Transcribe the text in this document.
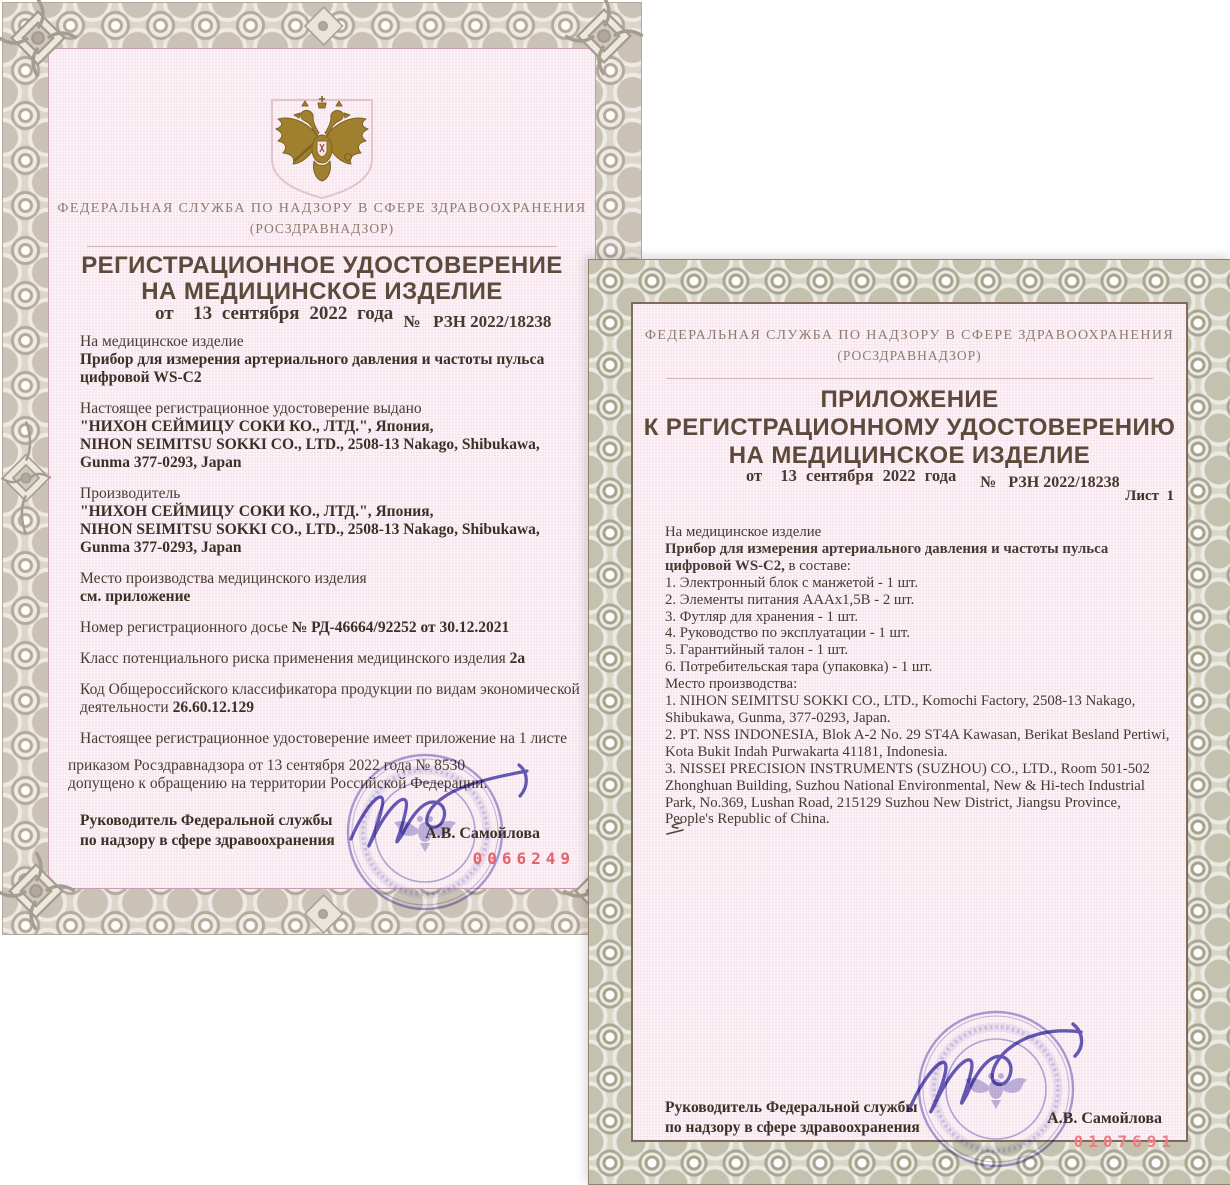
ФЕДЕРАЛЬНАЯ СЛУЖБА ПО НАДЗОРУ В СФЕРЕ ЗДРАВООХРАНЕНИЯ
(РОСЗДРАВНАДЗОР)
РЕГИСТРАЦИОННОЕ УДОСТОВЕРЕНИЕ
НА МЕДИЦИНСКОЕ ИЗДЕЛИЕ
от  13 сентября 2022 года №   РЗН 2022/18238

На медицинское изделие
Прибор для измерения артериального давления и частоты пульса цифровой WS-C2

Настоящее регистрационное удостоверение выдано
"НИХОН СЕЙМИЦУ СОКИ КО., ЛТД.", Япония,
NIHON SEIMITSU SOKKI CO., LTD., 2508-13 Nakago, Shibukawa,
Gunma 377-0293, Japan

Производитель
"НИХОН СЕЙМИЦУ СОКИ КО., ЛТД.", Япония,
NIHON SEIMITSU SOKKI CO., LTD., 2508-13 Nakago, Shibukawa,
Gunma 377-0293, Japan

Место производства медицинского изделия
см. приложение

Номер регистрационного досье № РД-46664/92252 от 30.12.2021

Класс потенциального риска применения медицинского изделия 2а

Код Общероссийского классификатора продукции по видам экономической деятельности 26.60.12.129

Настоящее регистрационное удостоверение имеет приложение на 1 листе

приказом Росздравнадзора от 13 сентября 2022 года № 8530
допущено к обращению на территории Российской Федерации.
Руководитель Федеральной службы
по надзору в сфере здравоохранения	А.В. Самойлова
0066249
ФЕДЕРАЛЬНАЯ СЛУЖБА ПО НАДЗОРУ В СФЕРЕ ЗДРАВООХРАНЕНИЯ
(РОСЗДРАВНАДЗОР)
ПРИЛОЖЕНИЕ
К РЕГИСТРАЦИОННОМУ УДОСТОВЕРЕНИЮ
НА МЕДИЦИНСКОЕ ИЗДЕЛИЕ
от  13 сентября 2022 года №   РЗН 2022/18238
Лист  1
На медицинское изделие
Прибор для измерения артериального давления и частоты пульса цифровой WS-C2, в составе:
1. Электронный блок с манжетой - 1 шт.
2. Элементы питания АААх1,5В - 2 шт.
3. Футляр для хранения - 1 шт.
4. Руководство по эксплуатации - 1 шт.
5. Гарантийный талон - 1 шт.
6. Потребительская тара (упаковка) - 1 шт.
Место производства:
1. NIHON SEIMITSU SOKKI CO., LTD., Komochi Factory, 2508-13 Nakago, Shibukawa, Gunma, 377-0293, Japan.
2. PT. NSS INDONESIA, Blok A-2 No. 29 ST4A Kawasan, Berikat Besland Pertiwi, Kota Bukit Indah Purwakarta 41181, Indonesia.
3. NISSEI PRECISION INSTRUMENTS (SUZHOU) CO., LTD., Room 501-502 Zhonghuan Building, Suzhou National Environmental, New & Hi-tech Industrial Park, No.369, Lushan Road, 215129 Suzhou New District, Jiangsu Province, People's Republic of China.
Руководитель Федеральной службы
по надзору в сфере здравоохранения	А.В. Самойлова
0107691
